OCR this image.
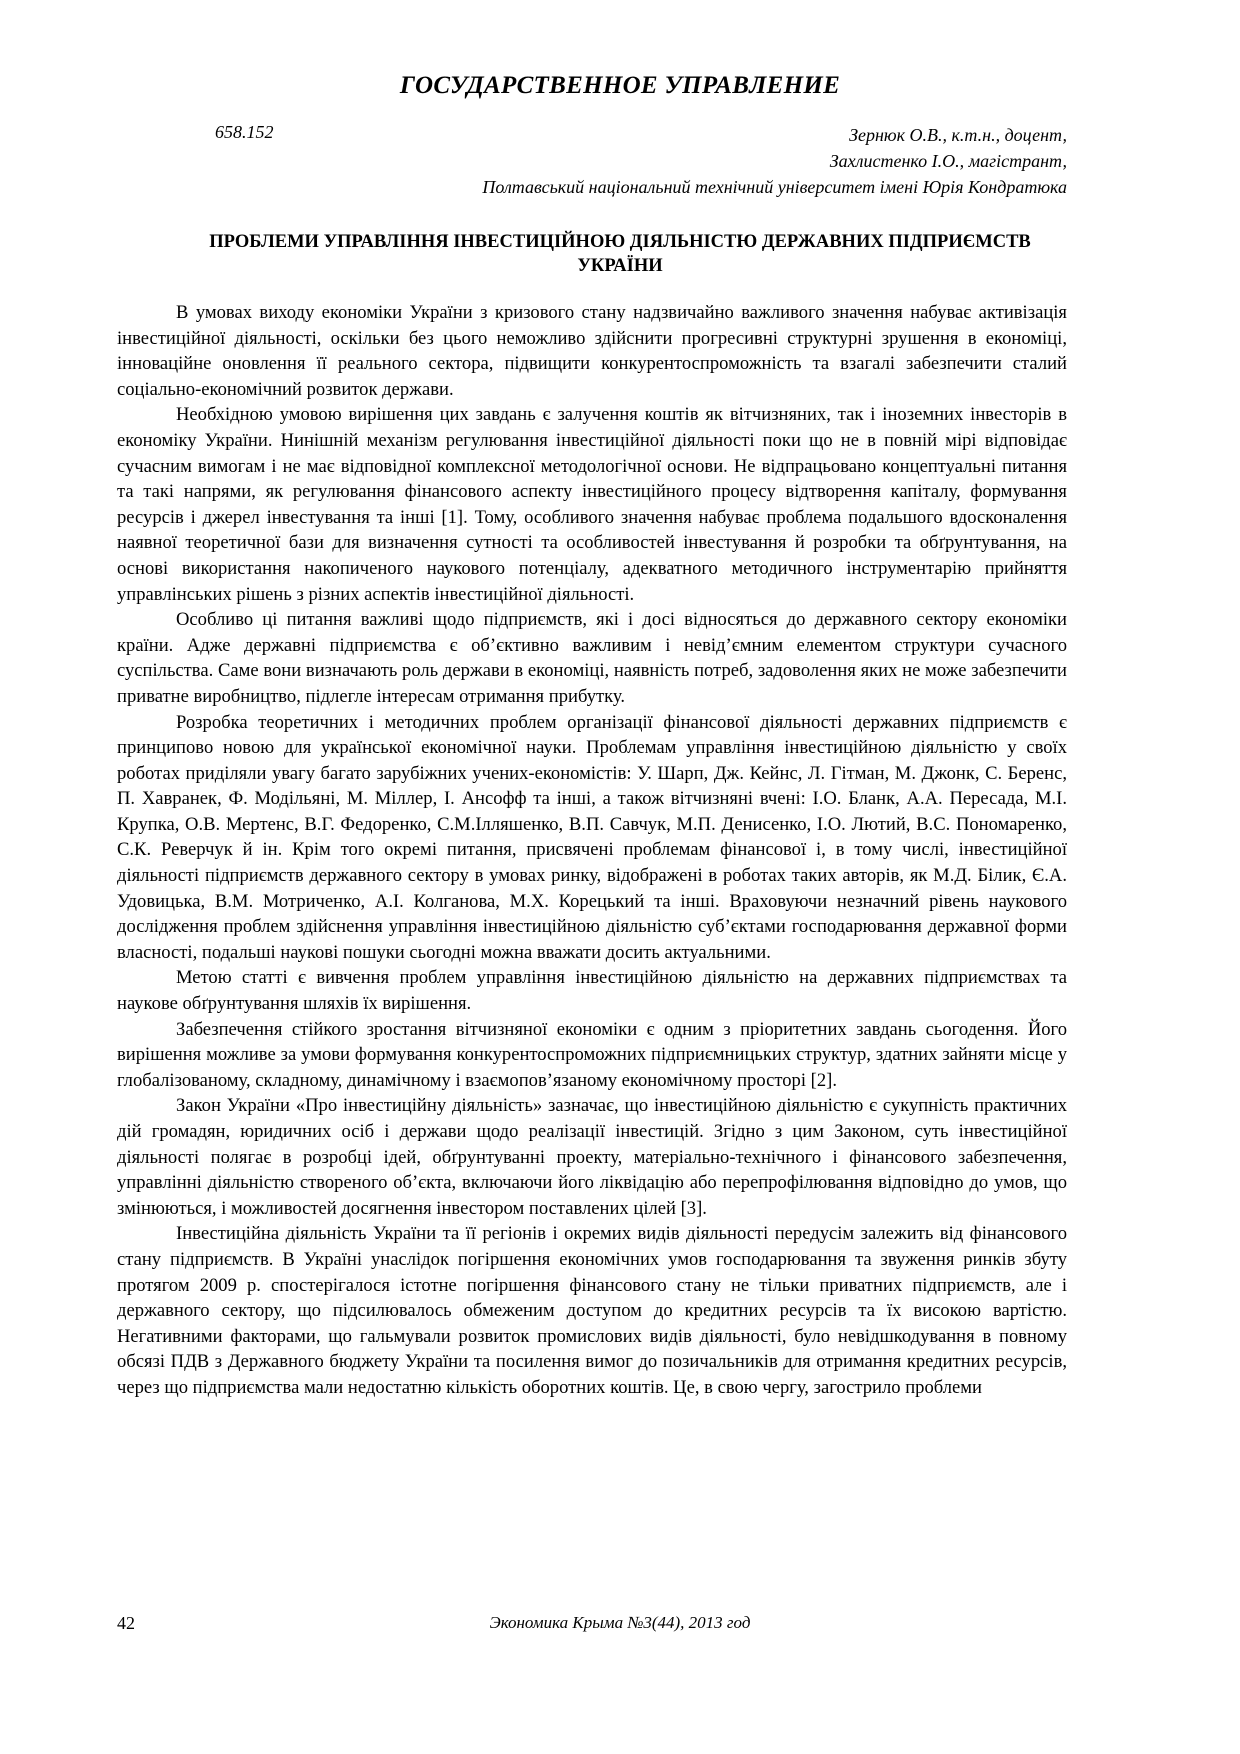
ГОСУДАРСТВЕННОЕ УПРАВЛЕНИЕ
658.152	Зернюк О.В., к.т.н., доцент,
Захлистенко І.О., магістрант,
Полтавський національний технічний університет імені Юрія Кондратюка
ПРОБЛЕМИ УПРАВЛІННЯ ІНВЕСТИЦІЙНОЮ ДІЯЛЬНІСТЮ ДЕРЖАВНИХ ПІДПРИЄМСТВ УКРАЇНИ

В умовах виходу економіки України з кризового стану надзвичайно важливого значення набуває активізація інвестиційної діяльності, оскільки без цього неможливо здійснити прогресивні структурні зрушення в економіці, інноваційне оновлення її реального сектора, підвищити конкурентоспроможність та взагалі забезпечити сталий соціально-економічний розвиток держави.

Необхідною умовою вирішення цих завдань є залучення коштів як вітчизняних, так і іноземних інвесторів в економіку України. Нинішній механізм регулювання інвестиційної діяльності поки що не в повній мірі відповідає сучасним вимогам і не має відповідної комплексної методологічної основи. Не відпрацьовано концептуальні питання та такі напрями, як регулювання фінансового аспекту інвестиційного процесу відтворення капіталу, формування ресурсів і джерел інвестування та інші [1]. Тому, особливого значення набуває проблема подальшого вдосконалення наявної теоретичної бази для визначення сутності та особливостей інвестування й розробки та обґрунтування, на основі використання накопиченого наукового потенціалу, адекватного методичного інструментарію прийняття управлінських рішень з різних аспектів інвестиційної діяльності.

Особливо ці питання важливі щодо підприємств, які і досі відносяться до державного сектору економіки країни. Адже державні підприємства є об’єктивно важливим і невід’ємним елементом структури сучасного суспільства. Саме вони визначають роль держави в економіці, наявність потреб, задоволення яких не може забезпечити приватне виробництво, підлегле інтересам отримання прибутку.

Розробка теоретичних і методичних проблем організації фінансової діяльності державних підприємств є принципово новою для української економічної науки. Проблемам управління інвестиційною діяльністю у своїх роботах приділяли увагу багато зарубіжних учених-економістів: У. Шарп, Дж. Кейнс, Л. Гітман, М. Джонк, С. Беренс, П. Хавранек, Ф. Модільяні, М. Міллер, І. Ансофф та інші, а також вітчизняні вчені: І.О. Бланк, А.А. Пересада, М.І. Крупка, О.В. Мертенс, В.Г. Федоренко, С.М.Ілляшенко, В.П. Савчук, М.П. Денисенко, І.О. Лютий, В.С. Пономаренко, С.К. Реверчук й ін. Крім того окремі питання, присвячені проблемам фінансової і, в тому числі, інвестиційної діяльності підприємств державного сектору в умовах ринку, відображені в роботах таких авторів, як М.Д. Білик, Є.А. Удовицька, В.М. Мотриченко, А.І. Колганова, М.Х. Корецький та інші. Враховуючи незначний рівень наукового дослідження проблем здійснення управління інвестиційною діяльністю суб’єктами господарювання державної форми власності, подальші наукові пошуки сьогодні можна вважати досить актуальними.

Метою статті є вивчення проблем управління інвестиційною діяльністю на державних підприємствах та наукове обґрунтування шляхів їх вирішення.

Забезпечення стійкого зростання вітчизняної економіки є одним з пріоритетних завдань сьогодення. Його вирішення можливе за умови формування конкурентоспроможних підприємницьких структур, здатних зайняти місце у глобалізованому, складному, динамічному і взаємопов’язаному економічному просторі [2].

Закон України «Про інвестиційну діяльність» зазначає, що інвестиційною діяльністю є сукупність практичних дій громадян, юридичних осіб і держави щодо реалізації інвестицій. Згідно з цим Законом, суть інвестиційної діяльності полягає в розробці ідей, обґрунтуванні проекту, матеріально-технічного і фінансового забезпечення, управлінні діяльністю створеного об’єкта, включаючи його ліквідацію або перепрофілювання відповідно до умов, що змінюються, і можливостей досягнення інвестором поставлених цілей [3].

Інвестиційна діяльність України та її регіонів і окремих видів діяльності передусім залежить від фінансового стану підприємств. В Україні унаслідок погіршення економічних умов господарювання та звуження ринків збуту протягом 2009 р. спостерігалося істотне погіршення фінансового стану не тільки приватних підприємств, але і державного сектору, що підсилювалось обмеженим доступом до кредитних ресурсів та їх високою вартістю. Негативними факторами, що гальмували розвиток промислових видів діяльності, було невідшкодування в повному обсязі ПДВ з Державного бюджету України та посилення вимог до позичальників для отримання кредитних ресурсів, через що підприємства мали недостатню кількість оборотних коштів. Це, в свою чергу, загострило проблеми

42	Экономика Крыма №3(44), 2013 год
